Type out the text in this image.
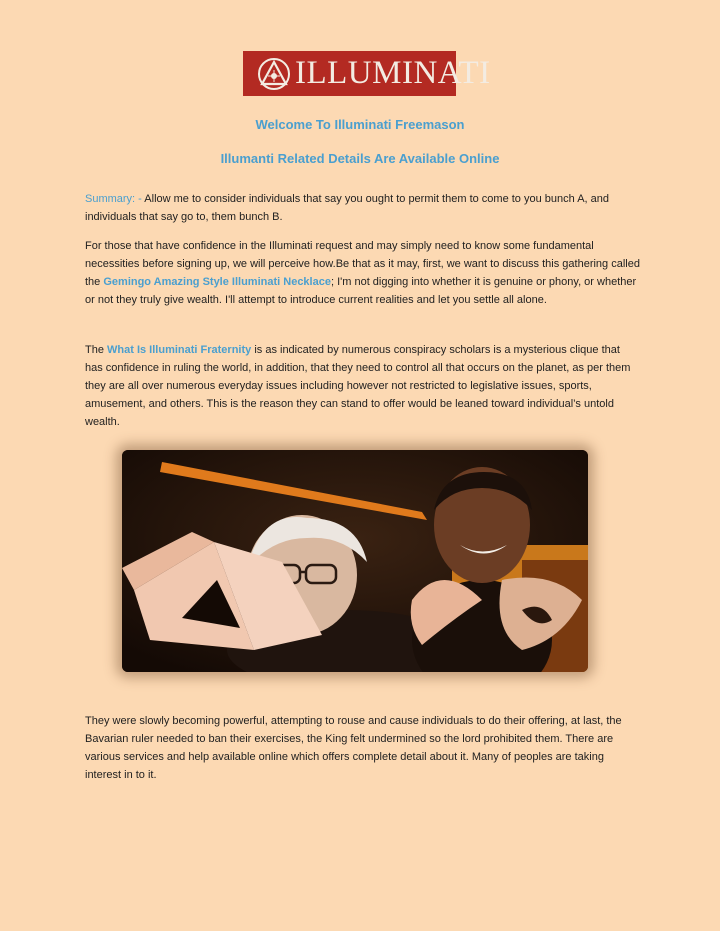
ILLUMINATI
Welcome To Illuminati Freemason
Illumanti Related Details Are Available Online

Summary: - Allow me to consider individuals that say you ought to permit them to come to you bunch A, and individuals that say go to, them bunch B.

For those that have confidence in the Illuminati request and may simply need to know some fundamental necessities before signing up, we will perceive how.Be that as it may, first, we want to discuss this gathering called the Gemingo Amazing Style Illuminati Necklace; I'm not digging into whether it is genuine or phony, or whether or not they truly give wealth. I'll attempt to introduce current realities and let you settle all alone.

The What Is Illuminati Fraternity is as indicated by numerous conspiracy scholars is a mysterious clique that has confidence in ruling the world, in addition, that they need to control all that occurs on the planet, as per them they are all over numerous everyday issues including however not restricted to legislative issues, sports, amusement, and others. This is the reason they can stand to offer would be leaned toward individual’s untold wealth.

They were slowly becoming powerful, attempting to rouse and cause individuals to do their offering, at last, the Bavarian ruler needed to ban their exercises, the King felt undermined so the lord prohibited them. There are various services and help available online which offers complete detail about it. Many of peoples are taking interest in to it.
